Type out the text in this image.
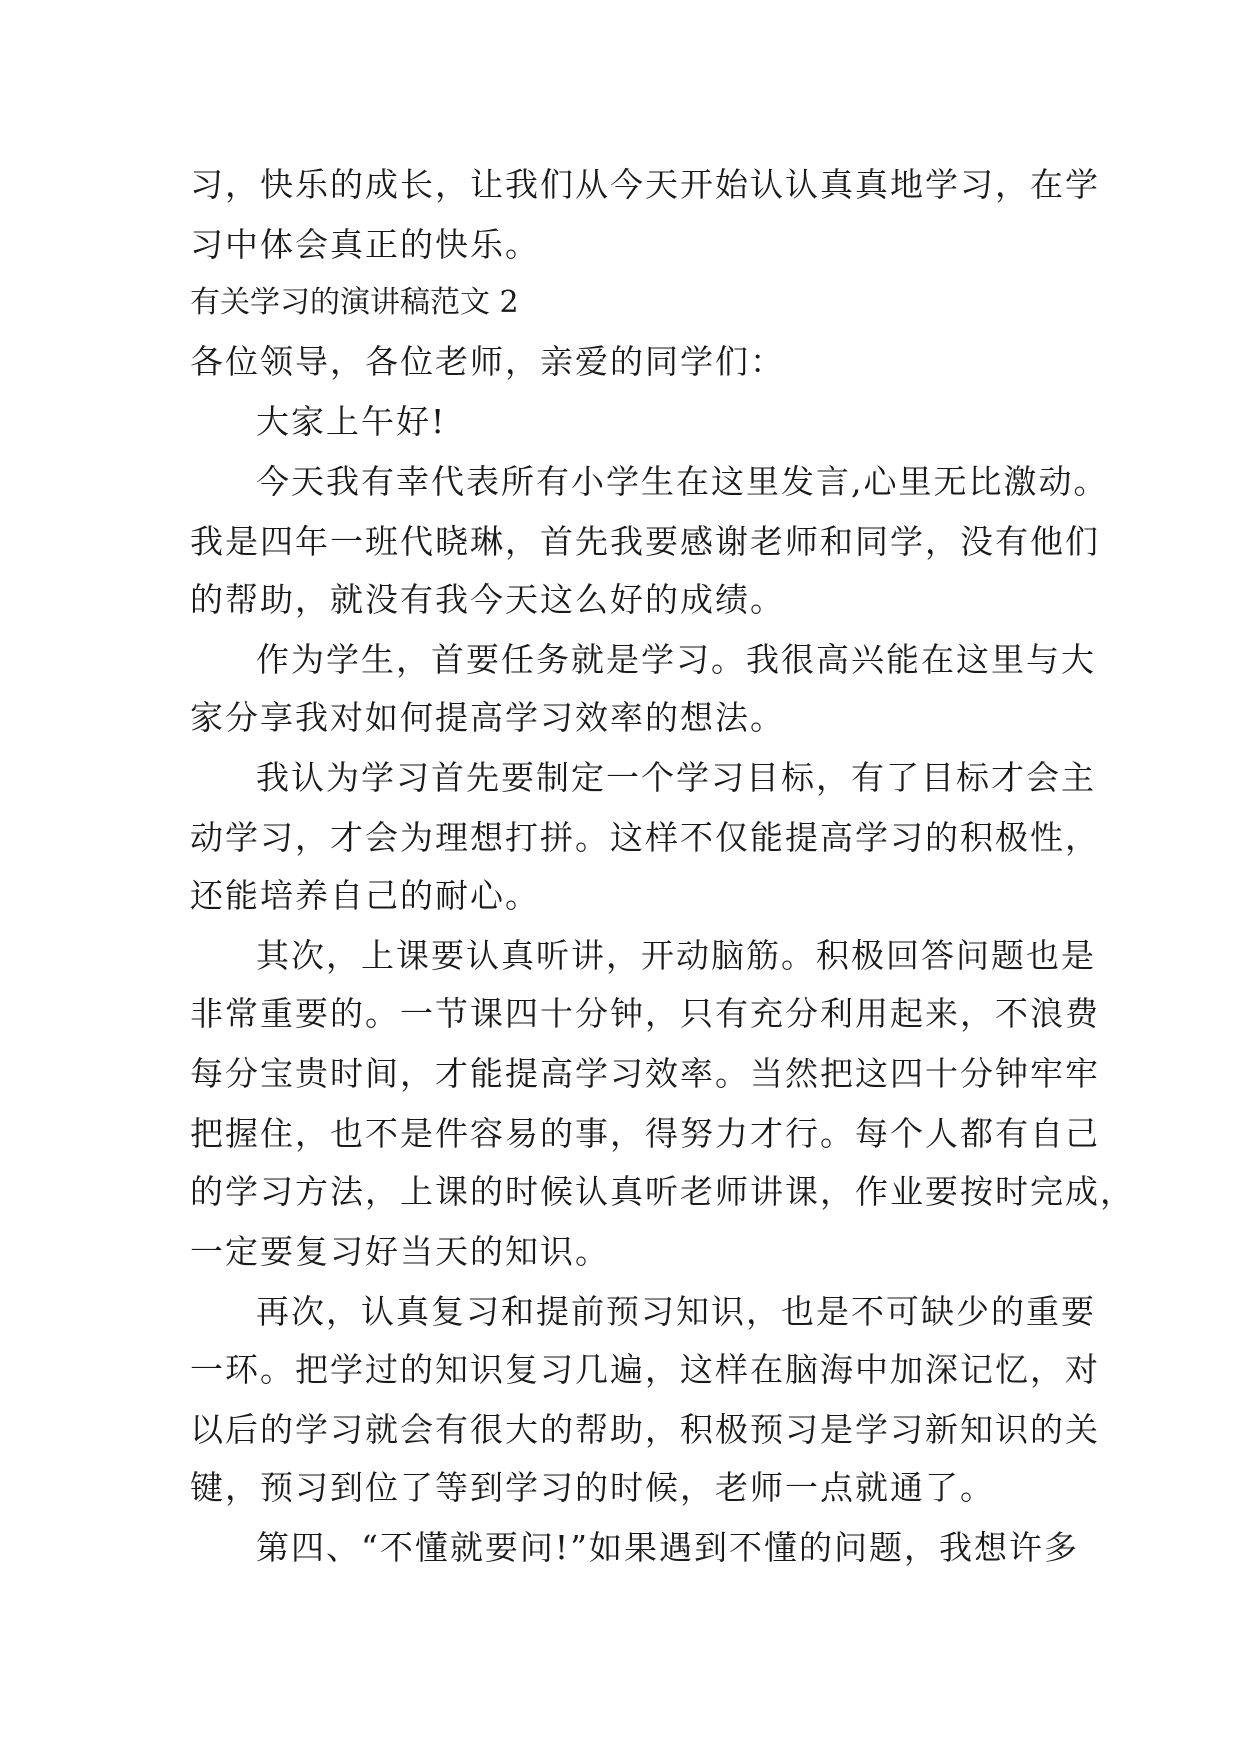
习，快乐的成长，让我们从今天开始认认真真地学习，在学
习中体会真正的快乐。
有关学习的演讲稿范文 2
各位领导，各位老师，亲爱的同学们：
大家上午好!
今天我有幸代表所有小学生在这里发言,心里无比激动。
我是四年一班代晓琳，首先我要感谢老师和同学，没有他们
的帮助，就没有我今天这么好的成绩。
作为学生，首要任务就是学习。我很高兴能在这里与大
家分享我对如何提高学习效率的想法。
我认为学习首先要制定一个学习目标，有了目标才会主
动学习，才会为理想打拼。这样不仅能提高学习的积极性，
还能培养自己的耐心。
其次，上课要认真听讲，开动脑筋。积极回答问题也是
非常重要的。一节课四十分钟，只有充分利用起来，不浪费
每分宝贵时间，才能提高学习效率。当然把这四十分钟牢牢
把握住，也不是件容易的事，得努力才行。每个人都有自己
的学习方法，上课的时候认真听老师讲课，作业要按时完成，
一定要复习好当天的知识。
再次，认真复习和提前预习知识，也是不可缺少的重要
一环。把学过的知识复习几遍，这样在脑海中加深记忆，对
以后的学习就会有很大的帮助，积极预习是学习新知识的关
键，预习到位了等到学习的时候，老师一点就通了。
第四、“不懂就要问!”如果遇到不懂的问题，我想许多
